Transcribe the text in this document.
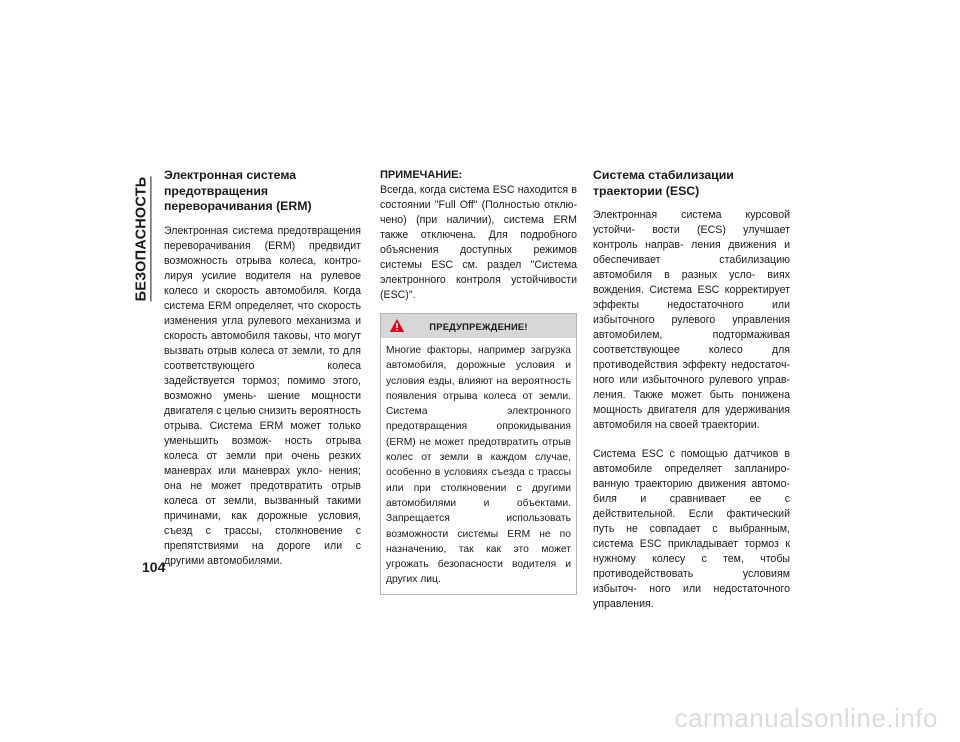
БЕЗОПАСНОСТЬ
104
Электронная система предотвращения переворачивания (ERM)

Электронная система предотвращения переворачивания (ERM) предвидит возможность отрыва колеса, контро- лируя усилие водителя на рулевое колесо и скорость автомобиля. Когда система ERM определяет, что скорость изменения угла рулевого механизма и скорость автомобиля таковы, что могут вызвать отрыв колеса от земли, то для соответствующего колеса задействуется тормоз; помимо этого, возможно умень- шение мощности двигателя с целью снизить вероятность отрыва. Система ERM может только уменьшить возмож- ность отрыва колеса от земли при очень резких маневрах или маневрах укло- нения; она не может предотвратить отрыв колеса от земли, вызванный такими причинами, как дорожные условия, съезд с трассы, столкновение с препятствиями на дороге или с другими автомобилями.

ПРИМЕЧАНИЕ:

Всегда, когда система ESC находится в состоянии "Full Off" (Полностью отклю- чено) (при наличии), система ERM также отключена. Для подробного объяснения доступных режимов системы ESC см. раздел "Система электронного контроля устойчивости (ESC)".

ПРЕДУПРЕЖДЕНИЕ!

Многие факторы, например загрузка автомобиля, дорожные условия и условия езды, влияют на вероятность появления отрыва колеса от земли. Система электронного предотвращения опрокидывания (ERM) не может предотвратить отрыв колес от земли в каждом случае, особенно в условиях съезда с трассы или при столкновении с другими автомобилями и объектами. Запрещается использовать возможности системы ERM не по назначению, так как это может угрожать безопасности водителя и других лиц.

Система стабилизации траектории (ESC)

Электронная система курсовой устойчи- вости (ECS) улучшает контроль направ- ления движения и обеспечивает стабилизацию автомобиля в разных усло- виях вождения. Система ESC корректирует эффекты недостаточного или избыточного рулевого управления автомобилем, подтормаживая соответствующее колесо для противодействия эффекту недостаточ- ного или избыточного рулевого управ- ления. Также может быть понижена мощность двигателя для удерживания автомобиля на своей траектории.

Система ESC с помощью датчиков в автомобиле определяет запланиро- ванную траекторию движения автомо- биля и сравнивает ее с действительной. Если фактический путь не совпадает с выбранным, система ESC прикладывает тормоз к нужному колесу с тем, чтобы противодействовать условиям избыточ- ного или недостаточного управления.

carmanualsonline.info
